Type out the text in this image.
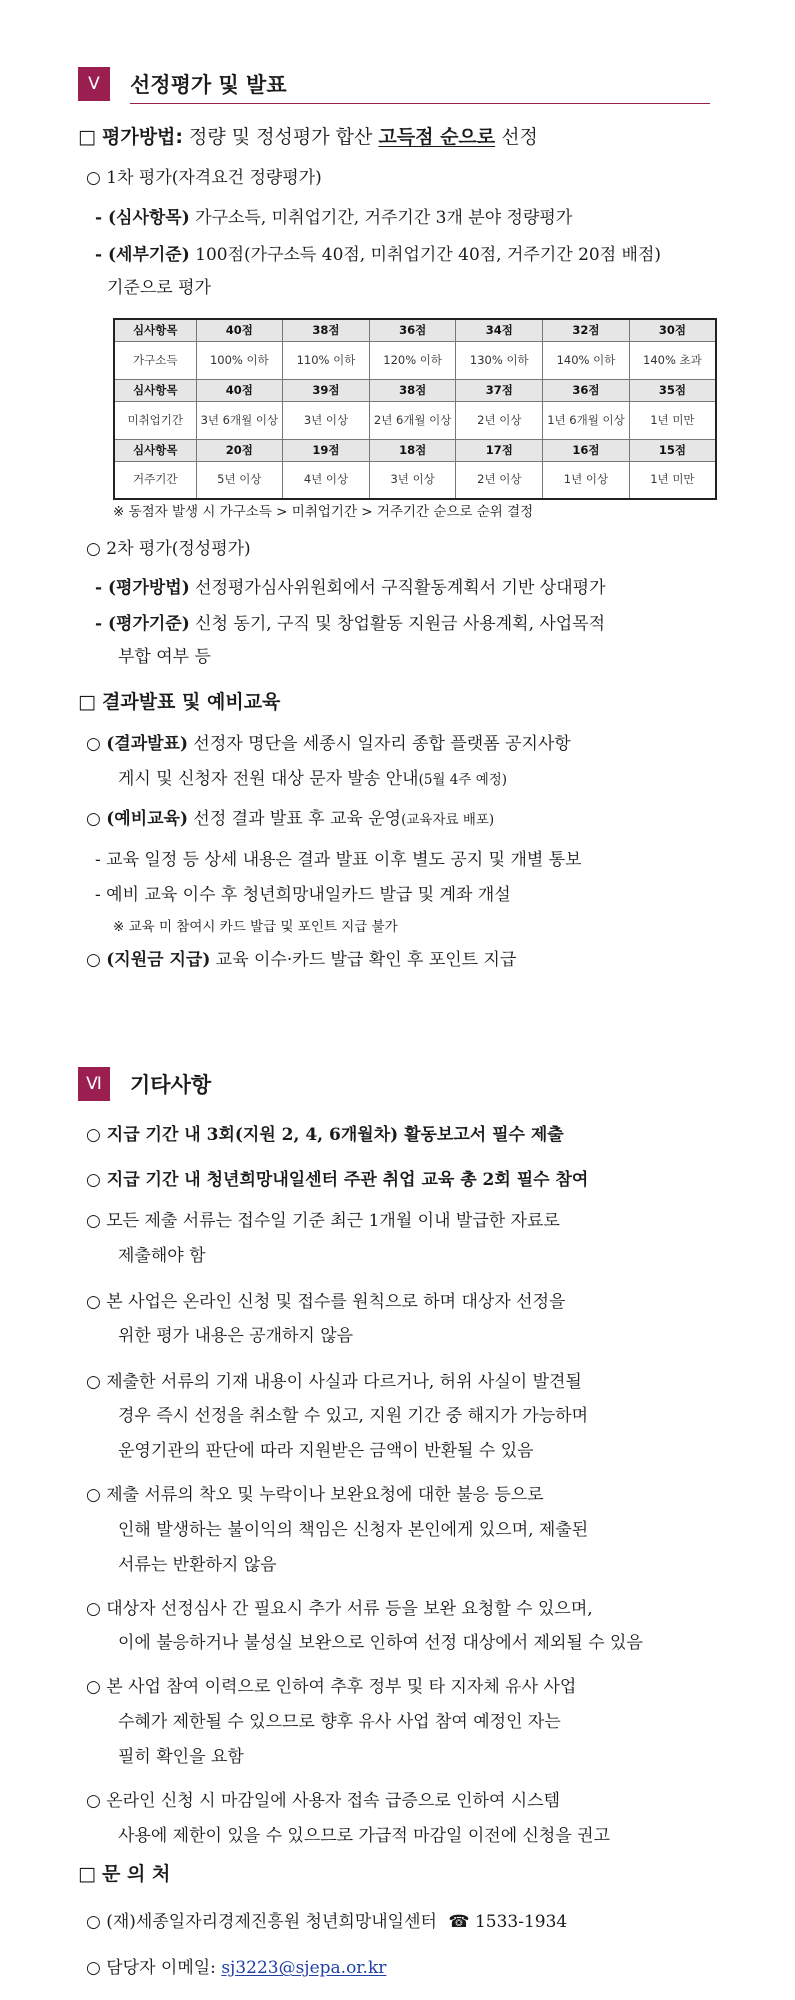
Ⅴ	선정평가 및 발표
□ 평가방법: 정량 및 정성평가 합산 고득점 순으로 선정
○ 1차 평가(자격요건 정량평가)
- (심사항목) 가구소득, 미취업기간, 거주기간 3개 분야 정량평가
- (세부기준) 100점(가구소득 40점, 미취업기간 40점, 거주기간 20점 배점)
기준으로 평가
심사항목	40점	38점	36점	34점	32점	30점
가구소득	100% 이하	110% 이하	120% 이하	130% 이하	140% 이하	140% 초과
심사항목	40점	39점	38점	37점	36점	35점
미취업기간	3년 6개월 이상	3년 이상	2년 6개월 이상	2년 이상	1년 6개월 이상	1년 미만
심사항목	20점	19점	18점	17점	16점	15점
거주기간	5년 이상	4년 이상	3년 이상	2년 이상	1년 이상	1년 미만
※ 동점자 발생 시 가구소득 > 미취업기간 > 거주기간 순으로 순위 결정
○ 2차 평가(정성평가)
- (평가방법) 선정평가심사위원회에서 구직활동계획서 기반 상대평가
- (평가기준) 신청 동기, 구직 및 창업활동 지원금 사용계획, 사업목적
부합 여부 등
□ 결과발표 및 예비교육
○ (결과발표) 선정자 명단을 세종시 일자리 종합 플랫폼 공지사항
게시 및 신청자 전원 대상 문자 발송 안내(5월 4주 예정)
○ (예비교육) 선정 결과 발표 후 교육 운영(교육자료 배포)
- 교육 일정 등 상세 내용은 결과 발표 이후 별도 공지 및 개별 통보
- 예비 교육 이수 후 청년희망내일카드 발급 및 계좌 개설
※ 교육 미 참여시 카드 발급 및 포인트 지급 불가
○ (지원금 지급) 교육 이수·카드 발급 확인 후 포인트 지급
Ⅵ	기타사항
○ 지급 기간 내 3회(지원 2, 4, 6개월차) 활동보고서 필수 제출
○ 지급 기간 내 청년희망내일센터 주관 취업 교육 총 2회 필수 참여
○ 모든 제출 서류는 접수일 기준 최근 1개월 이내 발급한 자료로
제출해야 함
○ 본 사업은 온라인 신청 및 접수를 원칙으로 하며 대상자 선정을
위한 평가 내용은 공개하지 않음
○ 제출한 서류의 기재 내용이 사실과 다르거나, 허위 사실이 발견될
경우 즉시 선정을 취소할 수 있고, 지원 기간 중 해지가 가능하며
운영기관의 판단에 따라 지원받은 금액이 반환될 수 있음
○ 제출 서류의 착오 및 누락이나 보완요청에 대한 불응 등으로
인해 발생하는 불이익의 책임은 신청자 본인에게 있으며, 제출된
서류는 반환하지 않음
○ 대상자 선정심사 간 필요시 추가 서류 등을 보완 요청할 수 있으며,
이에 불응하거나 불성실 보완으로 인하여 선정 대상에서 제외될 수 있음
○ 본 사업 참여 이력으로 인하여 추후 정부 및 타 지자체 유사 사업
수혜가 제한될 수 있으므로 향후 유사 사업 참여 예정인 자는
필히 확인을 요함
○ 온라인 신청 시 마감일에 사용자 접속 급증으로 인하여 시스템
사용에 제한이 있을 수 있으므로 가급적 마감일 이전에 신청을 권고
□ 문 의 처
○ (재)세종일자리경제진흥원 청년희망내일센터 ☎ 1533-1934
○ 담당자 이메일: sj3223@sjepa.or.kr
